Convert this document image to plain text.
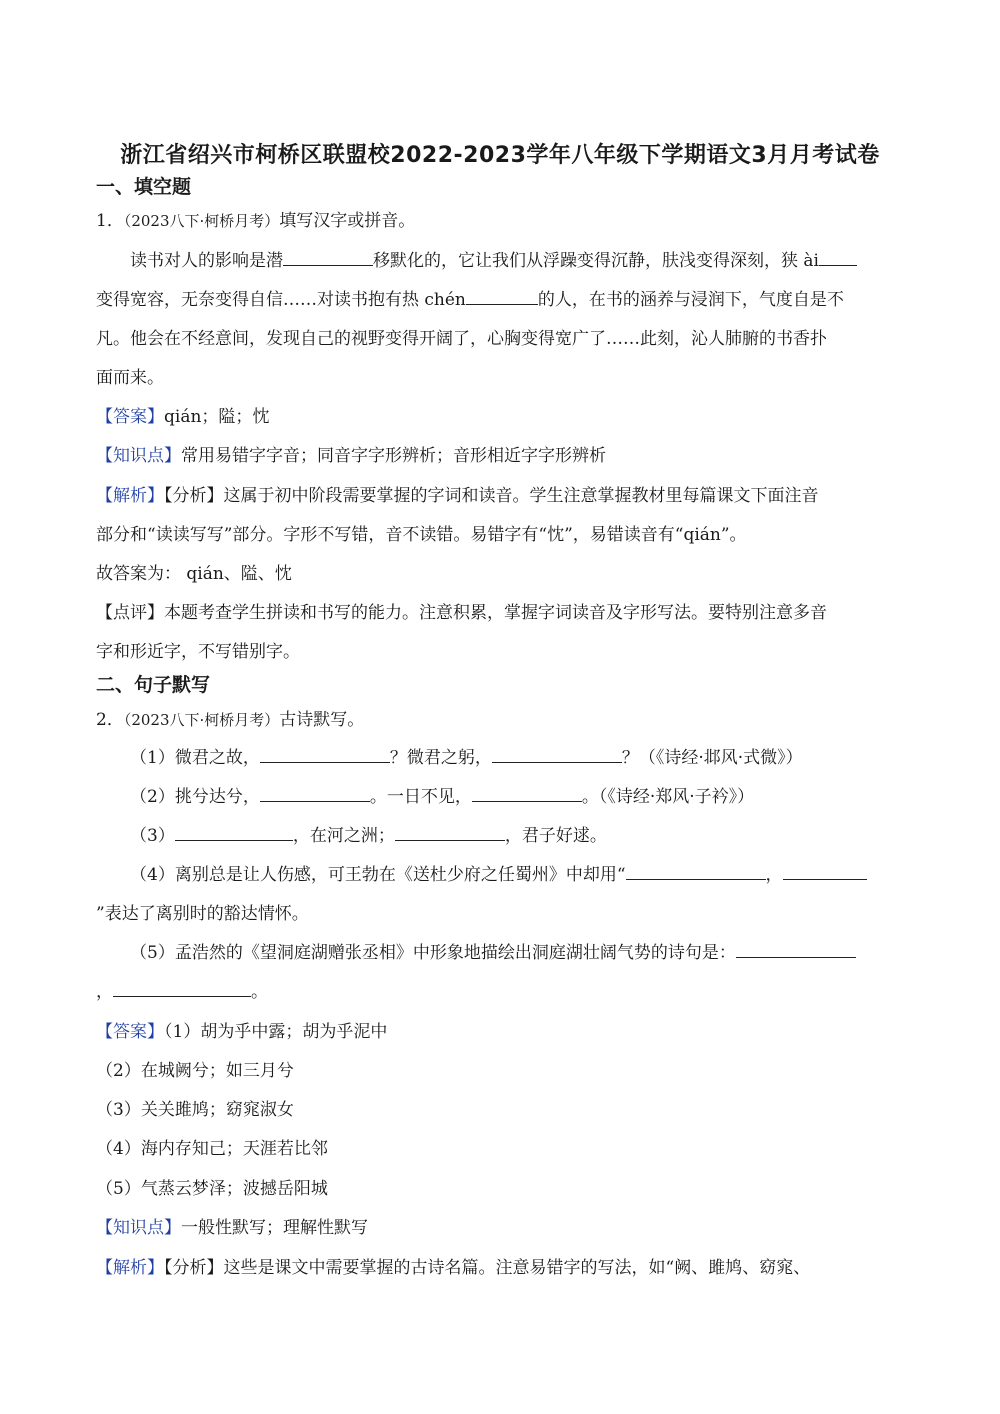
浙江省绍兴市柯桥区联盟校2022-2023学年八年级下学期语文3月月考试卷
一、填空题
1．（2023八下·柯桥月考）填写汉字或拼音。
读书对人的影响是潜	移默化的，它让我们从浮躁变得沉静，肤浅变得深刻，狭 ài
变得宽容，无奈变得自信……对读书抱有热 chén	的人，在书的涵养与浸润下，气度自是不
凡。他会在不经意间，发现自己的视野变得开阔了，心胸变得宽广了……此刻，沁人肺腑的书香扑
面而来。
【答案】qián；隘；忱
【知识点】常用易错字字音；同音字字形辨析；音形相近字字形辨析
【解析】【分析】这属于初中阶段需要掌握的字词和读音。学生注意掌握教材里每篇课文下面注音
部分和“读读写写”部分。字形不写错，音不读错。易错字有“忱”，易错读音有“qián”。
故答案为： qián、隘、忱
【点评】本题考查学生拼读和书写的能力。注意积累，掌握字词读音及字形写法。要特别注意多音
字和形近字，不写错别字。
二、句子默写
2．（2023八下·柯桥月考）古诗默写。
（1）微君之故，	？微君之躬，	？（《诗经·邶风·式微》）
（2）挑兮达兮，	。一日不见，	。（《诗经·郑风·子衿》）
（3）	，在河之洲；	，君子好逑。
（4）离别总是让人伤感，可王勃在《送杜少府之任蜀州》中却用“	，
”表达了离别时的豁达情怀。
（5）孟浩然的《望洞庭湖赠张丞相》中形象地描绘出洞庭湖壮阔气势的诗句是：
，	。
【答案】（1）胡为乎中露；胡为乎泥中
（2）在城阙兮；如三月兮
（3）关关雎鸠；窈窕淑女
（4）海内存知己；天涯若比邻
（5）气蒸云梦泽；波撼岳阳城
【知识点】一般性默写；理解性默写
【解析】【分析】这些是课文中需要掌握的古诗名篇。注意易错字的写法，如“阙、雎鸠、窈窕、
